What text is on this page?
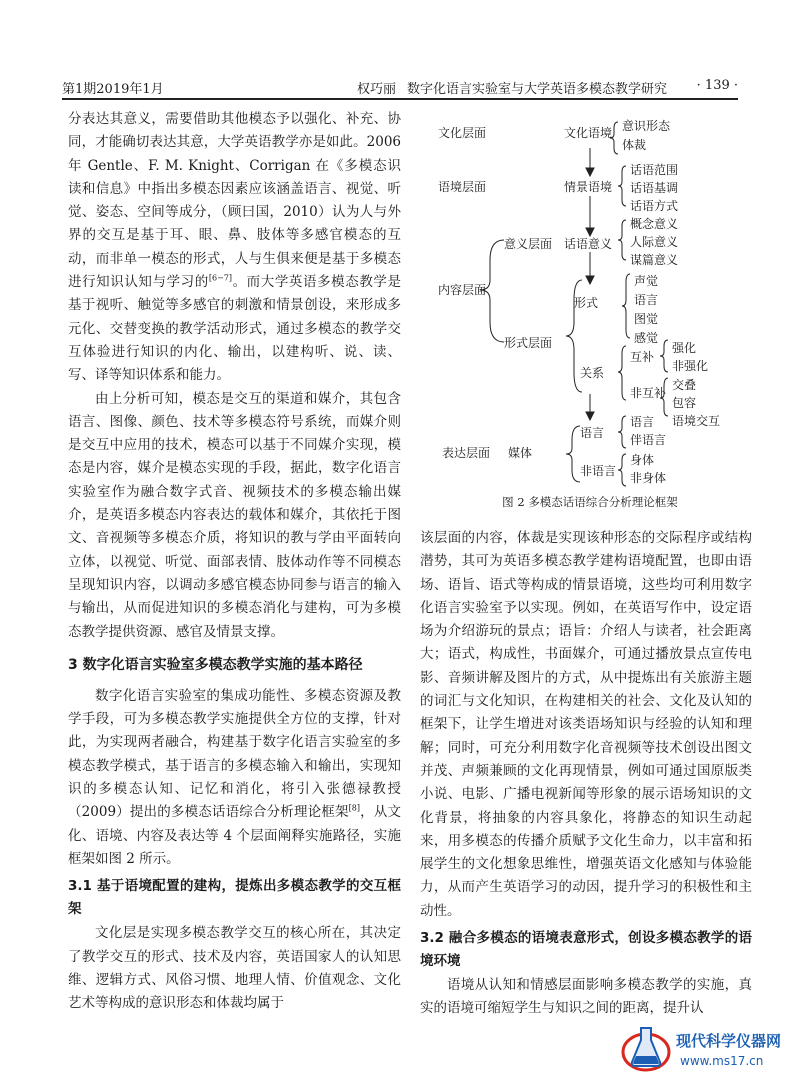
第1期2019年1月	权巧丽 数字化语言实验室与大学英语多模态教学研究 · 139 ·

分表达其意义，需要借助其他模态予以强化、补充、协同，才能确切表达其意，大学英语教学亦是如此。2006 年 Gentle、F. M. Knight、Corrigan 在《多模态识读和信息》中指出多模态因素应该涵盖语言、视觉、听觉、姿态、空间等成分，（顾曰国，2010）认为人与外界的交互是基于耳、眼、鼻、肢体等多感官模态的互动，而非单一模态的形式，人与生俱来便是基于多模态进行知识认知与学习的[6−7]。而大学英语多模态教学是基于视听、触觉等多感官的刺激和情景创设，来形成多元化、交替变换的教学活动形式，通过多模态的教学交互体验进行知识的内化、输出，以建构听、说、读、写、译等知识体系和能力。

由上分析可知，模态是交互的渠道和媒介，其包含语言、图像、颜色、技术等多模态符号系统，而媒介则是交互中应用的技术，模态可以基于不同媒介实现，模态是内容，媒介是模态实现的手段，据此，数字化语言实验室作为融合数字式音、视频技术的多模态输出媒介，是英语多模态内容表达的载体和媒介，其依托于图文、音视频等多模态介质，将知识的教与学由平面转向立体，以视觉、听觉、面部表情、肢体动作等不同模态呈现知识内容，以调动多感官模态协同参与语言的输入与输出，从而促进知识的多模态消化与建构，可为多模态教学提供资源、感官及情景支撑。

3 数字化语言实验室多模态教学实施的基本路径

数字化语言实验室的集成功能性、多模态资源及教学手段，可为多模态教学实施提供全方位的支撑，针对此，为实现两者融合，构建基于数字化语言实验室的多模态教学模式，基于语言的多模态输入和输出，实现知识的多模态认知、记忆和消化，将引入张德禄教授（2009）提出的多模态话语综合分析理论框架[8]，从文化、语境、内容及表达等 4 个层面阐释实施路径，实施框架如图 2 所示。

3.1 基于语境配置的建构，提炼出多模态教学的交互框架

文化层是实现多模态教学交互的核心所在，其决定了教学交互的形式、技术及内容，英语国家人的认知思维、逻辑方式、风俗习惯、地理人情、价值观念、文化艺术等构成的意识形态和体裁均属于

文化层面	文化语境 意识形态
体裁
语境层面	情景语境
话语范围
话语基调
话语方式
意义层面 话语意义
概念意义
人际意义
谋篇意义
内容层面
形式
声觉
语言
图觉
感觉
形式层面
互补
强化
非强化
关系
非互补
交叠
包容
语境交互
表达层面 媒体
语言
语言
伴语言
非语言
身体
非身体
图 2 多模态话语综合分析理论框架

该层面的内容，体裁是实现该种形态的交际程序或结构潜势，其可为英语多模态教学建构语境配置，也即由语场、语旨、语式等构成的情景语境，这些均可利用数字化语言实验室予以实现。例如，在英语写作中，设定语场为介绍游玩的景点；语旨：介绍人与读者，社会距离大；语式，构成性，书面媒介，可通过播放景点宣传电影、音频讲解及图片的方式，从中提炼出有关旅游主题的词汇与文化知识，在构建相关的社会、文化及认知的框架下，让学生增进对该类语场知识与经验的认知和理解；同时，可充分利用数字化音视频等技术创设出图文并茂、声频兼顾的文化再现情景，例如可通过国原版类小说、电影、广播电视新闻等形象的展示语场知识的文化背景，将抽象的内容具象化，将静态的知识生动起来，用多模态的传播介质赋予文化生命力，以丰富和拓展学生的文化想象思维性，增强英语文化感知与体验能力，从而产生英语学习的动因，提升学习的积极性和主动性。

3.2 融合多模态的语境表意形式，创设多模态教学的语境环境

语境从认知和情感层面影响多模态教学的实施，真实的语境可缩短学生与知识之间的距离，提升认

现代科学仪器网
www.ms17.cn
